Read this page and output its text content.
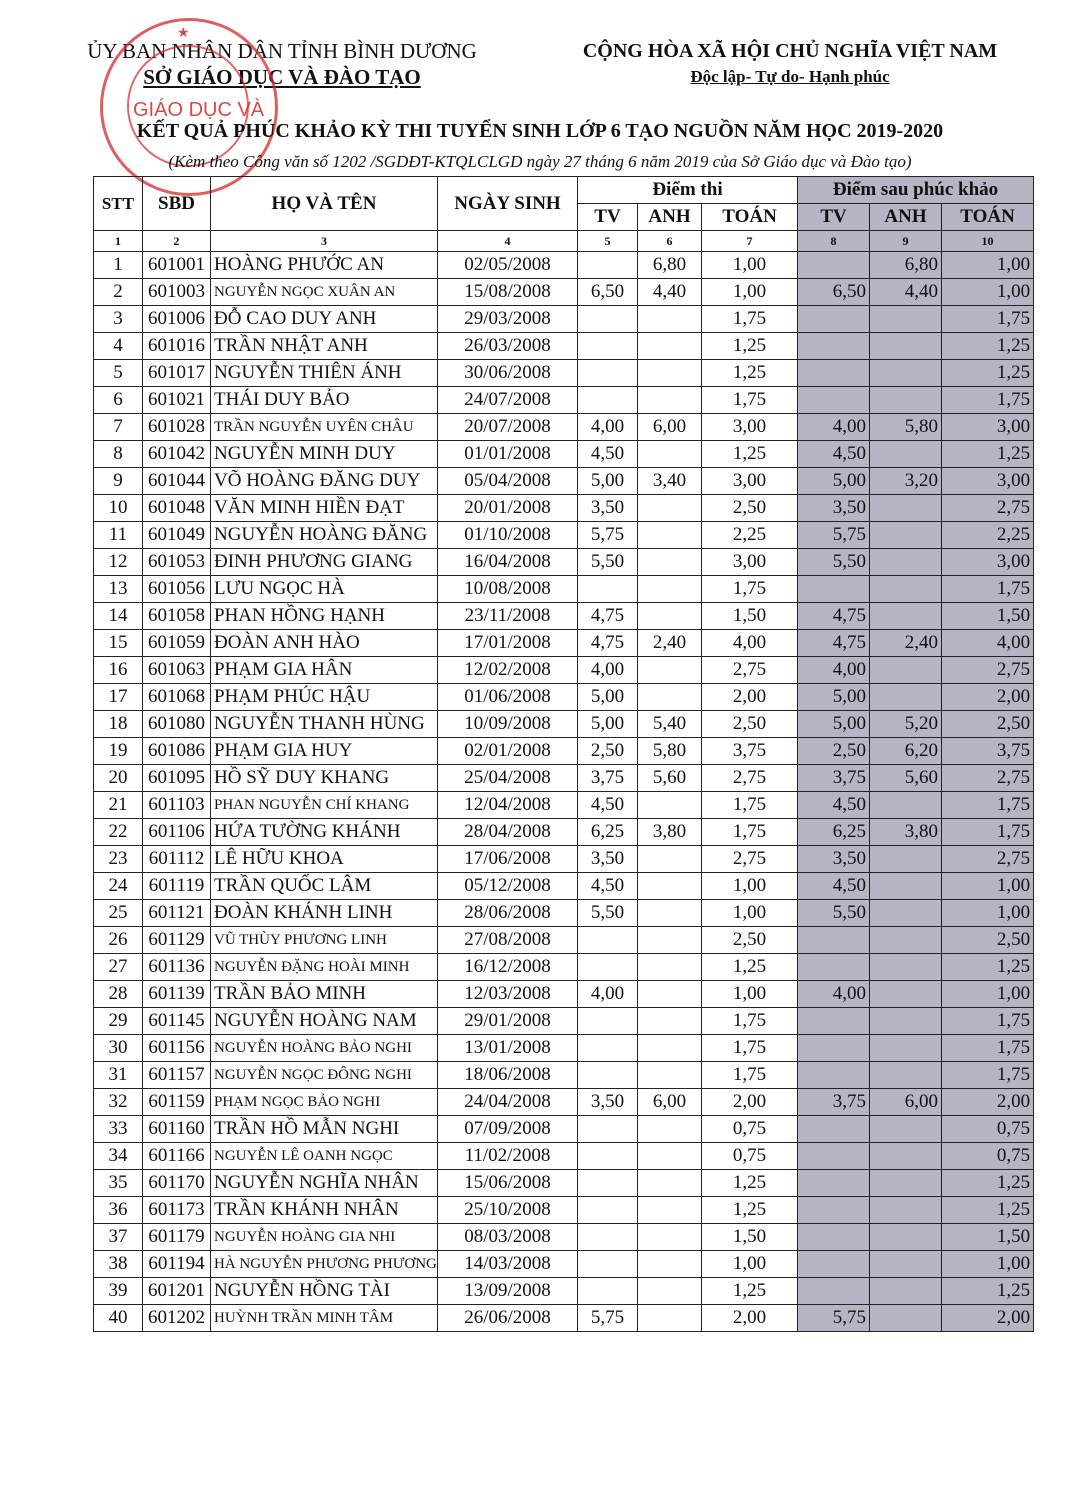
ỦY BAN NHÂN DÂN TỈNH BÌNH DƯƠNG
SỞ GIÁO DỤC VÀ ĐÀO TẠO
★
GIÁO DỤC VÀ
CỘNG HÒA XÃ HỘI CHỦ NGHĨA VIỆT NAM
Độc lập- Tự do- Hạnh phúc
KẾT QUẢ PHÚC KHẢO KỲ THI TUYỂN SINH LỚP 6 TẠO NGUỒN NĂM HỌC 2019-2020
(Kèm theo Công văn số 1202 /SGDĐT-KTQLCLGD ngày 27 tháng 6 năm 2019 của Sở Giáo dục và Đào tạo)
STT	SBD	HỌ VÀ TÊN	NGÀY SINH	Điểm thi			Điểm sau phúc khảo		
				TV	ANH	TOÁN	TV	ANH	TOÁN
1	2	3	4	5	6	7	8	9	10
1	601001	HOÀNG PHƯỚC AN	02/05/2008		6,80	1,00		6,80	1,00
2	601003	NGUYỄN NGỌC XUÂN AN	15/08/2008	6,50	4,40	1,00	6,50	4,40	1,00
3	601006	ĐỖ CAO DUY ANH	29/03/2008			1,75			1,75
4	601016	TRẦN NHẬT ANH	26/03/2008			1,25			1,25
5	601017	NGUYỄN THIÊN ÁNH	30/06/2008			1,25			1,25
6	601021	THÁI DUY BẢO	24/07/2008			1,75			1,75
7	601028	TRẦN NGUYỄN UYÊN CHÂU	20/07/2008	4,00	6,00	3,00	4,00	5,80	3,00
8	601042	NGUYỄN MINH DUY	01/01/2008	4,50		1,25	4,50		1,25
9	601044	VÕ HOÀNG ĐĂNG DUY	05/04/2008	5,00	3,40	3,00	5,00	3,20	3,00
10	601048	VĂN MINH HIỀN ĐẠT	20/01/2008	3,50		2,50	3,50		2,75
11	601049	NGUYỄN HOÀNG ĐĂNG	01/10/2008	5,75		2,25	5,75		2,25
12	601053	ĐINH PHƯƠNG GIANG	16/04/2008	5,50		3,00	5,50		3,00
13	601056	LƯU NGỌC HÀ	10/08/2008			1,75			1,75
14	601058	PHAN HỒNG HẠNH	23/11/2008	4,75		1,50	4,75		1,50
15	601059	ĐOÀN ANH HÀO	17/01/2008	4,75	2,40	4,00	4,75	2,40	4,00
16	601063	PHẠM GIA HÂN	12/02/2008	4,00		2,75	4,00		2,75
17	601068	PHẠM PHÚC HẬU	01/06/2008	5,00		2,00	5,00		2,00
18	601080	NGUYỄN THANH HÙNG	10/09/2008	5,00	5,40	2,50	5,00	5,20	2,50
19	601086	PHẠM GIA HUY	02/01/2008	2,50	5,80	3,75	2,50	6,20	3,75
20	601095	HỒ SỸ DUY KHANG	25/04/2008	3,75	5,60	2,75	3,75	5,60	2,75
21	601103	PHAN NGUYỄN CHÍ KHANG	12/04/2008	4,50		1,75	4,50		1,75
22	601106	HỨA TƯỜNG KHÁNH	28/04/2008	6,25	3,80	1,75	6,25	3,80	1,75
23	601112	LÊ HỮU KHOA	17/06/2008	3,50		2,75	3,50		2,75
24	601119	TRẦN QUỐC LÂM	05/12/2008	4,50		1,00	4,50		1,00
25	601121	ĐOÀN KHÁNH LINH	28/06/2008	5,50		1,00	5,50		1,00
26	601129	VŨ THÙY PHƯƠNG LINH	27/08/2008			2,50			2,50
27	601136	NGUYỄN ĐẶNG HOÀI MINH	16/12/2008			1,25			1,25
28	601139	TRẦN BẢO MINH	12/03/2008	4,00		1,00	4,00		1,00
29	601145	NGUYỄN HOÀNG NAM	29/01/2008			1,75			1,75
30	601156	NGUYỄN HOÀNG BẢO NGHI	13/01/2008			1,75			1,75
31	601157	NGUYỄN NGỌC ĐÔNG NGHI	18/06/2008			1,75			1,75
32	601159	PHẠM NGỌC BẢO NGHI	24/04/2008	3,50	6,00	2,00	3,75	6,00	2,00
33	601160	TRẦN HỒ MẪN NGHI	07/09/2008			0,75			0,75
34	601166	NGUYỄN LÊ OANH NGỌC	11/02/2008			0,75			0,75
35	601170	NGUYỄN NGHĨA NHÂN	15/06/2008			1,25			1,25
36	601173	TRẦN KHÁNH NHÂN	25/10/2008			1,25			1,25
37	601179	NGUYỄN HOÀNG GIA NHI	08/03/2008			1,50			1,50
38	601194	HÀ NGUYỄN PHƯƠNG PHƯƠNG	14/03/2008			1,00			1,00
39	601201	NGUYỄN HỒNG TÀI	13/09/2008			1,25			1,25
40	601202	HUỲNH TRẦN MINH TÂM	26/06/2008	5,75		2,00	5,75		2,00
